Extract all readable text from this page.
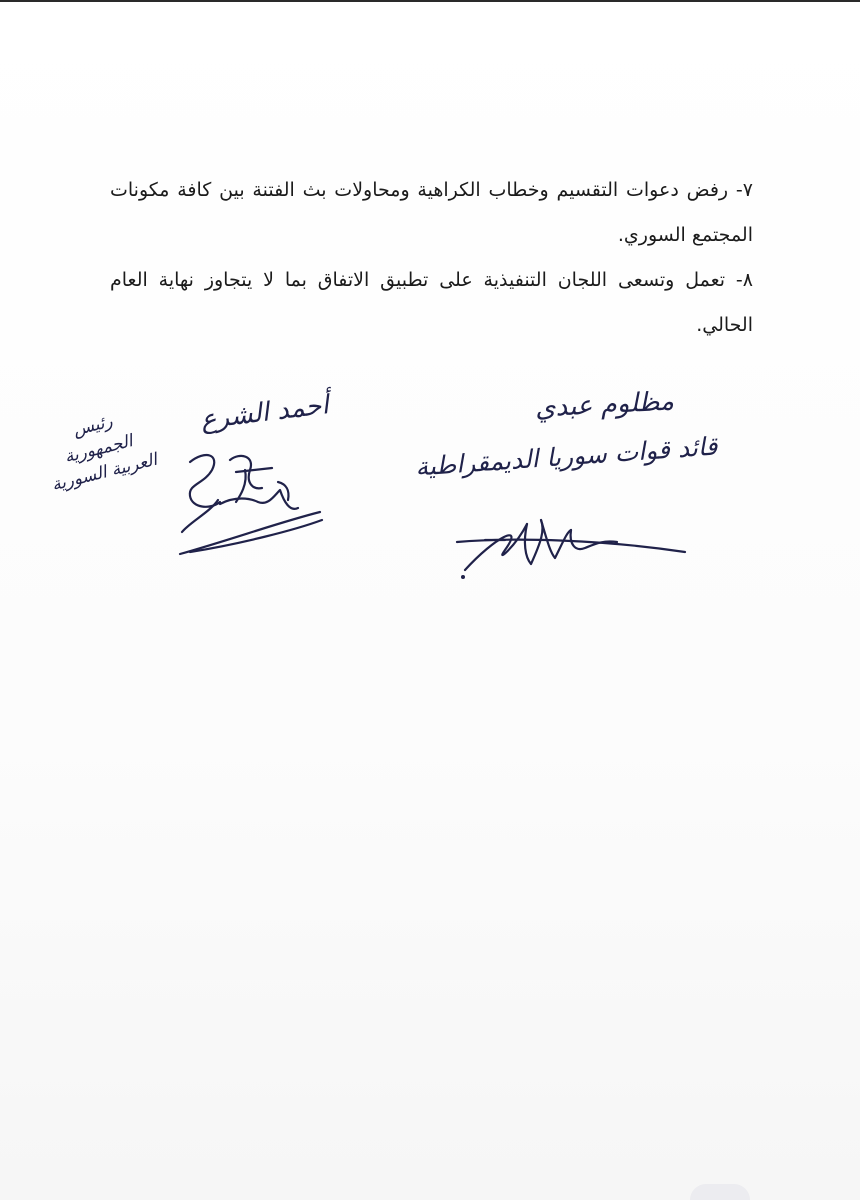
٧- رفض دعوات التقسيم وخطاب الكراهية ومحاولات بث الفتنة بين كافة مكونات المجتمع السوري.

٨- تعمل وتسعى اللجان التنفيذية على تطبيق الاتفاق بما لا يتجاوز نهاية العام الحالي.

أحمد الشرع
رئيس الجمهورية العربية السورية
مظلوم عبدي
قائد قوات سوريا الديمقراطية
